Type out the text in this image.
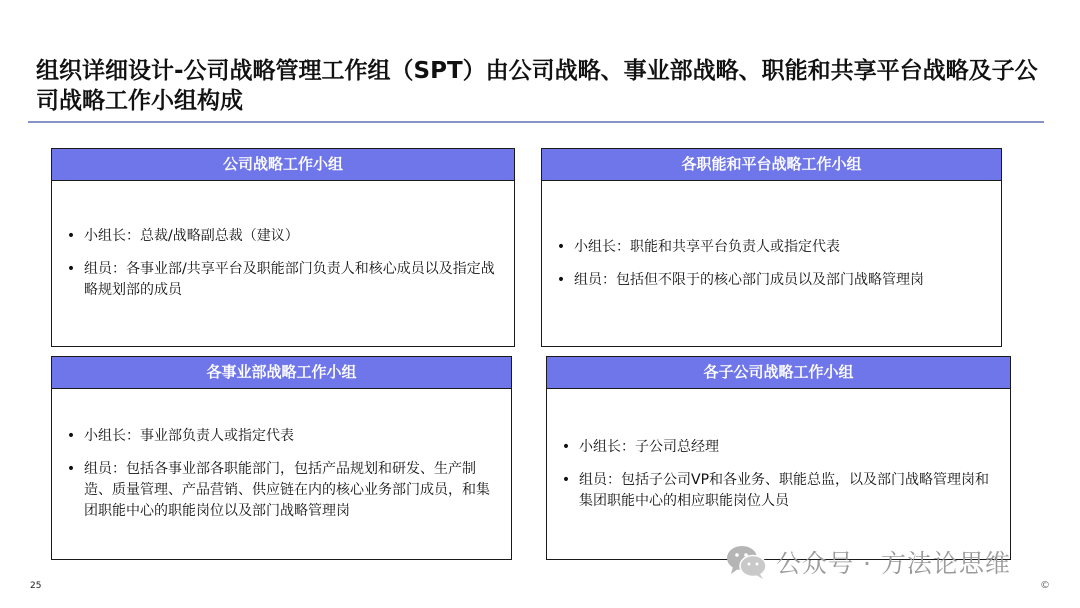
组织详细设计-公司战略管理工作组（SPT）由公司战略、事业部战略、职能和共享平台战略及子公司战略工作小组构成
公司战略工作小组
• 小组长：总裁/战略副总裁（建议）
• 组员：各事业部/共享平台及职能部门负责人和核心成员以及指定战略规划部的成员
各职能和平台战略工作小组
• 小组长：职能和共享平台负责人或指定代表
• 组员：包括但不限于的核心部门成员以及部门战略管理岗
各事业部战略工作小组
• 小组长：事业部负责人或指定代表
• 组员：包括各事业部各职能部门，包括产品规划和研发、生产制造、质量管理、产品营销、供应链在内的核心业务部门成员，和集团职能中心的职能岗位以及部门战略管理岗
各子公司战略工作小组
• 小组长：子公司总经理
• 组员：包括子公司VP和各业务、职能总监，以及部门战略管理岗和集团职能中心的相应职能岗位人员
公众号 · 方法论思维
25	©
